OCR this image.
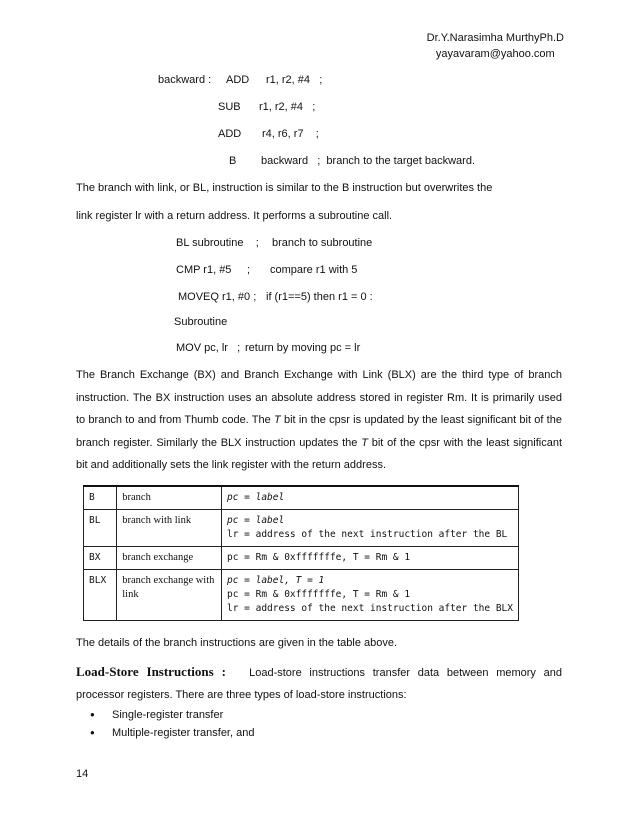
Dr.Y.Narasimha MurthyPh.D
yayavaram@yahoo.com
backward : ADD r1, r2, #4   ;
SUB r1, r2, #4   ;
ADD r4, r6, r7    ;
B backward   ;  branch to the target backward.
The branch with link, or BL, instruction is similar to the B instruction but overwrites the
link register lr with a return address. It performs a subroutine call.
BL subroutine    ; branch to subroutine
CMP r1, #5 ; compare r1 with 5
MOVEQ r1, #0 ; if (r1==5) then r1 = 0 :
Subroutine
MOV pc, lr   ; return by moving pc = lr

The Branch Exchange (BX) and Branch Exchange with Link (BLX) are the third type of branch instruction. The BX instruction uses an absolute address stored in register Rm. It is primarily used to branch to and from Thumb code. The T bit in the cpsr is updated by the least significant bit of the branch register. Similarly the BLX instruction updates the T bit of the cpsr with the least significant bit and additionally sets the link register with the return address.

B	branch	pc = label

BL	branch with link	pc = label
lr = address of the next instruction after the BL

BX	branch exchange	pc = Rm & 0xfffffffe, T = Rm & 1

BLX	branch exchange with link	pc = label, T = 1
pc = Rm & 0xfffffffe, T = Rm & 1
lr = address of the next instruction after the BLX
The details of the branch instructions are given in the table above.

Load-Store Instructions : Load-store instructions transfer data between memory and processor registers. There are three types of load-store instructions:

● Single-register transfer
● Multiple-register transfer, and
14
